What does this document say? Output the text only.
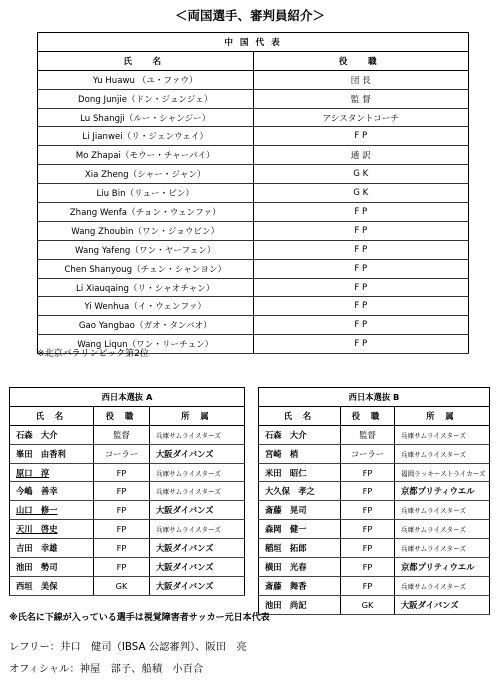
＜両国選手、審判員紹介＞
中 国 代 表	
氏　名	役　職
Yu Huawu （ユ・ファウ）	団 長
Dong Junjie（ドン・ジュンジェ）	監 督
Lu Shangji（ルー・シャンジー）	アシスタントコーチ
Li Jianwei（リ・ジェンウェイ）	F P
Mo Zhapai（モウー・チャーパイ）	通 訳
Xia Zheng（シャー・ジャン）	G K
Liu Bin（リュー・ビン）	G K
Zhang Wenfa（チョン・ウェンファ）	F P
Wang Zhoubin（ワン・ジョウビン）	F P
Wang Yafeng（ワン・ヤーフェン）	F P
Chen Shanyoug（チェン・シャンヨン）	F P
Li Xiauqaing（リ・シャオチャン）	F P
Yi Wenhua（イ・ウェンファ）	F P
Gao Yangbao（ガオ・タンバオ）	F P
Wang Liqun（ワン・リーチュン）	F P
※北京パラリンピック第2位
西日本選抜 A		
氏 名	役 職	所 属
石森　大介	監督	兵庫サムライスターズ
峯田　由香利	コーラー	大阪ダイバンズ
原口　淳	FP	兵庫サムライスターズ
今嶋　善幸	FP	兵庫サムライスターズ
山口　修一	FP	大阪ダイバンズ
天川　啓史	FP	兵庫サムライスターズ
吉田　幸雄	FP	大阪ダイバンズ
池田　勢司	FP	大阪ダイバンズ
西垣　美保	GK	大阪ダイバンズ
西日本選抜 B		
氏 名	役 職	所 属
石森　大介	監督	兵庫サムライスターズ
宮崎　梢	コーラー	兵庫サムライスターズ
米田　昭仁	FP	福岡ラッキーストライカーズ
大久保　孝之	FP	京都プリティウエル
斎藤　晃司	FP	兵庫サムライスターズ
森岡　健一	FP	兵庫サムライスターズ
稲垣　拓郎	FP	兵庫サムライスターズ
横田　光春	FP	京都プリティウエル
斎藤　舞香	FP	兵庫サムライスターズ
池田　尚記	GK	大阪ダイバンズ
※氏名に下線が入っている選手は視覚障害者サッカー元日本代表
レフリー：井口　健司（IBSA 公認審判）、阪田　亮
オフィシャル：神屋　部子、船積　小百合
